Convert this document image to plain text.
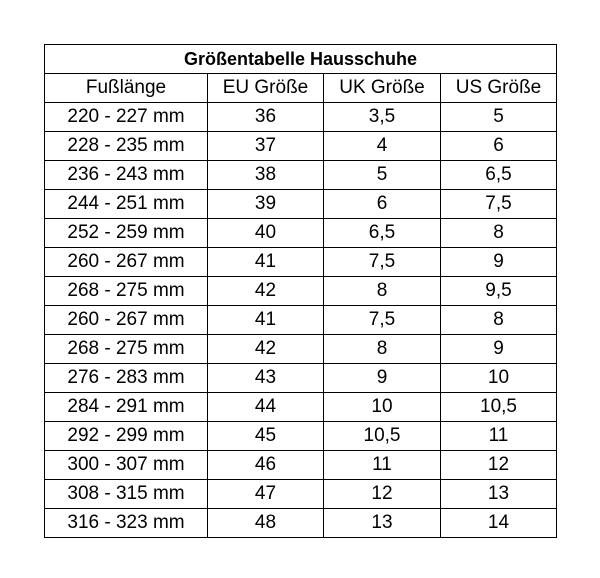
Größentabelle Hausschuhe			
Fußlänge	EU Größe	UK Größe	US Größe
220 - 227 mm	36	3,5	5
228 - 235 mm	37	4	6
236 - 243 mm	38	5	6,5
244 - 251 mm	39	6	7,5
252 - 259 mm	40	6,5	8
260 - 267 mm	41	7,5	9
268 - 275 mm	42	8	9,5
260 - 267 mm	41	7,5	8
268 - 275 mm	42	8	9
276 - 283 mm	43	9	10
284 - 291 mm	44	10	10,5
292 - 299 mm	45	10,5	11
300 - 307 mm	46	11	12
308 - 315 mm	47	12	13
316 - 323 mm	48	13	14
